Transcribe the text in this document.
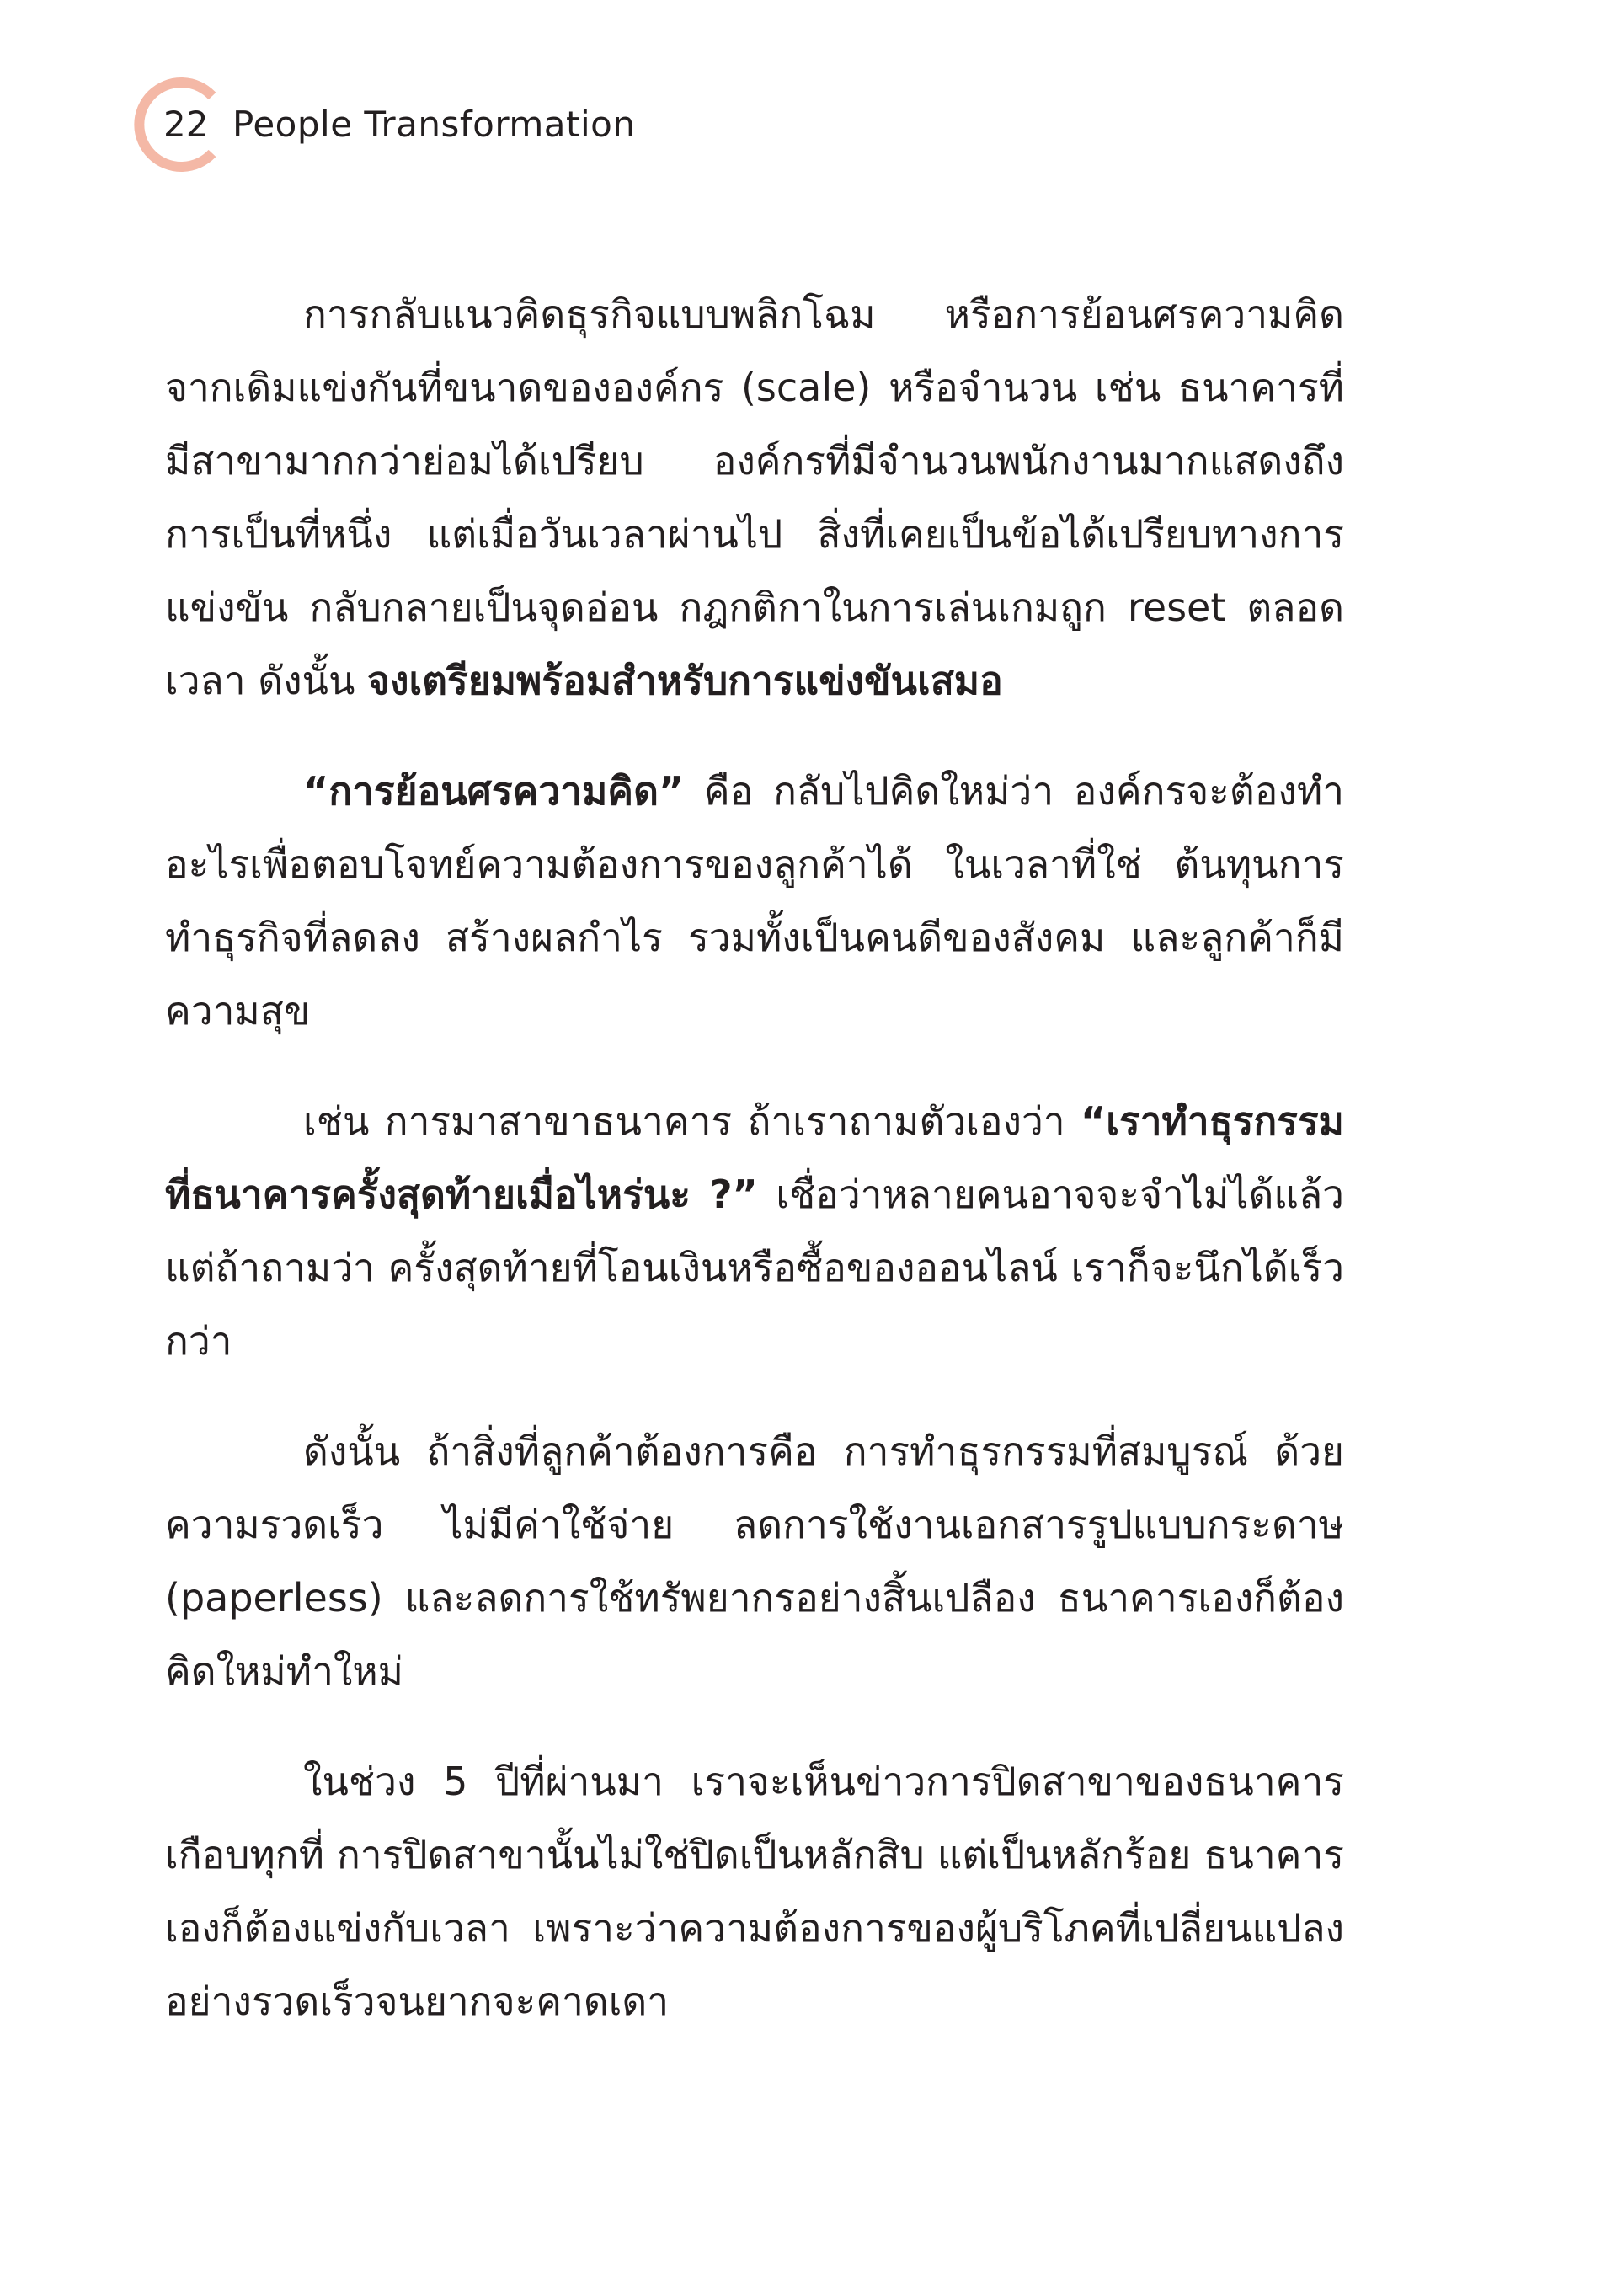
22 People Transformation

การกลับแนวคิดธุรกิจแบบพลิกโฉม หรือการย้อนศรความคิดจากเดิมแข่งกันที่ขนาดขององค์กร (scale) หรือจำนวน เช่น ธนาคารที่มีสาขามากกว่าย่อมได้เปรียบ องค์กรที่มีจำนวนพนักงานมากแสดงถึงการเป็นที่หนึ่ง แต่เมื่อวันเวลาผ่านไป สิ่งที่เคยเป็นข้อได้เปรียบทางการแข่งขัน กลับกลายเป็นจุดอ่อน กฎกติกาในการเล่นเกมถูก reset ตลอดเวลา ดังนั้น จงเตรียมพร้อมสำหรับการแข่งขันเสมอ

“การย้อนศรความคิด” คือ กลับไปคิดใหม่ว่า องค์กรจะต้องทำอะไรเพื่อตอบโจทย์ความต้องการของลูกค้าได้ ในเวลาที่ใช่ ต้นทุนการทำธุรกิจที่ลดลง สร้างผลกำไร รวมทั้งเป็นคนดีของสังคม และลูกค้าก็มีความสุข

เช่น การมาสาขาธนาคาร ถ้าเราถามตัวเองว่า “เราทำธุรกรรมที่ธนาคารครั้งสุดท้ายเมื่อไหร่นะ ?” เชื่อว่าหลายคนอาจจะจำไม่ได้แล้ว แต่ถ้าถามว่า ครั้งสุดท้ายที่โอนเงินหรือซื้อของออนไลน์ เราก็จะนึกได้เร็วกว่า

ดังนั้น ถ้าสิ่งที่ลูกค้าต้องการคือ การทำธุรกรรมที่สมบูรณ์ ด้วยความรวดเร็ว ไม่มีค่าใช้จ่าย ลดการใช้งานเอกสารรูปแบบกระดาษ (paperless) และลดการใช้ทรัพยากรอย่างสิ้นเปลือง ธนาคารเองก็ต้องคิดใหม่ทำใหม่

ในช่วง 5 ปีที่ผ่านมา เราจะเห็นข่าวการปิดสาขาของธนาคารเกือบทุกที่ การปิดสาขานั้นไม่ใช่ปิดเป็นหลักสิบ แต่เป็นหลักร้อย ธนาคารเองก็ต้องแข่งกับเวลา เพราะว่าความต้องการของผู้บริโภคที่เปลี่ยนแปลงอย่างรวดเร็วจนยากจะคาดเดา
